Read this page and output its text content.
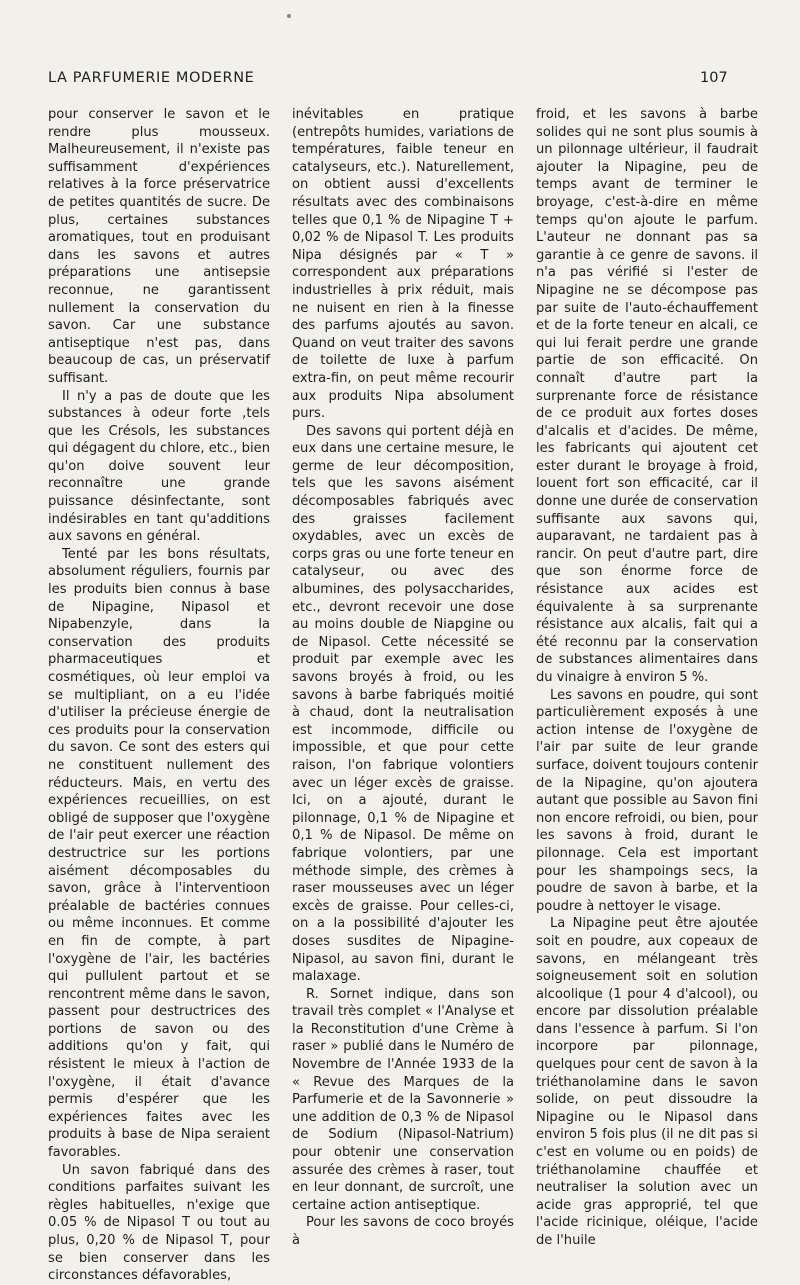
LA PARFUMERIE MODERNE	107

pour conserver le savon et le rendre plus mousseux. Malheureusement, il n'existe pas suffisamment d'expériences relatives à la force préservatrice de petites quantités de sucre. De plus, certaines substances aromatiques, tout en produisant dans les savons et autres préparations une antisepsie reconnue, ne garantissent nullement la conservation du savon. Car une substance antiseptique n'est pas, dans beaucoup de cas, un préservatif suffisant.

Il n'y a pas de doute que les substances à odeur forte ,tels que les Crésols, les substances qui dégagent du chlore, etc., bien qu'on doive souvent leur reconnaître une grande puissance désinfectante, sont indésirables en tant qu'additions aux savons en général.

Tenté par les bons résultats, absolument réguliers, fournis par les produits bien connus à base de Nipagine, Nipasol et Nipabenzyle, dans la conservation des produits pharmaceutiques et cosmétiques, où leur emploi va se multipliant, on a eu l'idée d'utiliser la précieuse énergie de ces produits pour la conservation du savon. Ce sont des esters qui ne constituent nullement des réducteurs. Mais, en vertu des expériences recueillies, on est obligé de supposer que l'oxygène de l'air peut exercer une réaction destructrice sur les portions aisément décomposables du savon, grâce à l'interventioon préalable de bactéries connues ou même inconnues. Et comme en fin de compte, à part l'oxygène de l'air, les bactéries qui pullulent partout et se rencontrent même dans le savon, passent pour destructrices des portions de savon ou des additions qu'on y fait, qui résistent le mieux à l'action de l'oxygène, il était d'avance permis d'espérer que les expériences faites avec les produits à base de Nipa seraient favorables.

Un savon fabriqué dans des conditions parfaites suivant les règles habituelles, n'exige que 0.05 % de Nipasol T ou tout au plus, 0,20 % de Nipasol T, pour se bien conserver dans les circonstances défavorables,

inévitables en pratique (entrepôts humides, variations de températures, faible teneur en catalyseurs, etc.). Naturellement, on obtient aussi d'excellents résultats avec des combinaisons telles que 0,1 % de Nipagine T + 0,02 % de Nipasol T. Les produits Nipa désignés par « T » correspondent aux préparations industrielles à prix réduit, mais ne nuisent en rien à la finesse des parfums ajoutés au savon. Quand on veut traiter des savons de toilette de luxe à parfum extra-fin, on peut même recourir aux produits Nipa absolument purs.

Des savons qui portent déjà en eux dans une certaine mesure, le germe de leur décomposition, tels que les savons aisément décomposables fabriqués avec des graisses facilement oxydables, avec un excès de corps gras ou une forte teneur en catalyseur, ou avec des albumines, des polysaccharides, etc., devront recevoir une dose au moins double de Niapgine ou de Nipasol. Cette nécessité se produit par exemple avec les savons broyés à froid, ou les savons à barbe fabriqués moitié à chaud, dont la neutralisation est incommode, difficile ou impossible, et que pour cette raison, l'on fabrique volontiers avec un léger excès de graisse. Ici, on a ajouté, durant le pilonnage, 0,1 % de Nipagine et 0,1 % de Nipasol. De même on fabrique volontiers, par une méthode simple, des crèmes à raser mousseuses avec un léger excès de graisse. Pour celles-ci, on a la possibilité d'ajouter les doses susdites de Nipagine-Nipasol, au savon fini, durant le malaxage.

R. Sornet indique, dans son travail très complet « l'Analyse et la Reconstitution d'une Crème à raser » publié dans le Numéro de Novembre de l'Année 1933 de la « Revue des Marques de la Parfumerie et de la Savonnerie » une addition de 0,3 % de Nipasol de Sodium (Nipasol-Natrium) pour obtenir une conservation assurée des crèmes à raser, tout en leur donnant, de surcroît, une certaine action antiseptique.

Pour les savons de coco broyés à

froid, et les savons à barbe solides qui ne sont plus soumis à un pilonnage ultérieur, il faudrait ajouter la Nipagine, peu de temps avant de terminer le broyage, c'est-à-dire en même temps qu'on ajoute le parfum. L'auteur ne donnant pas sa garantie à ce genre de savons. il n'a pas vérifié si l'ester de Nipagine ne se décompose pas par suite de l'auto-échauffement et de la forte teneur en alcali, ce qui lui ferait perdre une grande partie de son efficacité. On connaît d'autre part la surprenante force de résistance de ce produit aux fortes doses d'alcalis et d'acides. De même, les fabricants qui ajoutent cet ester durant le broyage à froid, louent fort son efficacité, car il donne une durée de conservation suffisante aux savons qui, auparavant, ne tardaient pas à rancir. On peut d'autre part, dire que son énorme force de résistance aux acides est équivalente à sa surprenante résistance aux alcalis, fait qui a été reconnu par la conservation de substances alimentaires dans du vinaigre à environ 5 %.

Les savons en poudre, qui sont particulièrement exposés à une action intense de l'oxygène de l'air par suite de leur grande surface, doivent toujours contenir de la Nipagine, qu'on ajoutera autant que possible au Savon fini non encore refroidi, ou bien, pour les savons à froid, durant le pilonnage. Cela est important pour les shampoings secs, la poudre de savon à barbe, et la poudre à nettoyer le visage.

La Nipagine peut être ajoutée soit en poudre, aux copeaux de savons, en mélangeant très soigneusement soit en solution alcoolique (1 pour 4 d'alcool), ou encore par dissolution préalable dans l'essence à parfum. Si l'on incorpore par pilonnage, quelques pour cent de savon à la triéthanolamine dans le savon solide, on peut dissoudre la Nipagine ou le Nipasol dans environ 5 fois plus (il ne dit pas si c'est en volume ou en poids) de triéthanolamine chauffée et neutraliser la solution avec un acide gras approprié, tel que l'acide ricinique, oléique, l'acide de l'huile
